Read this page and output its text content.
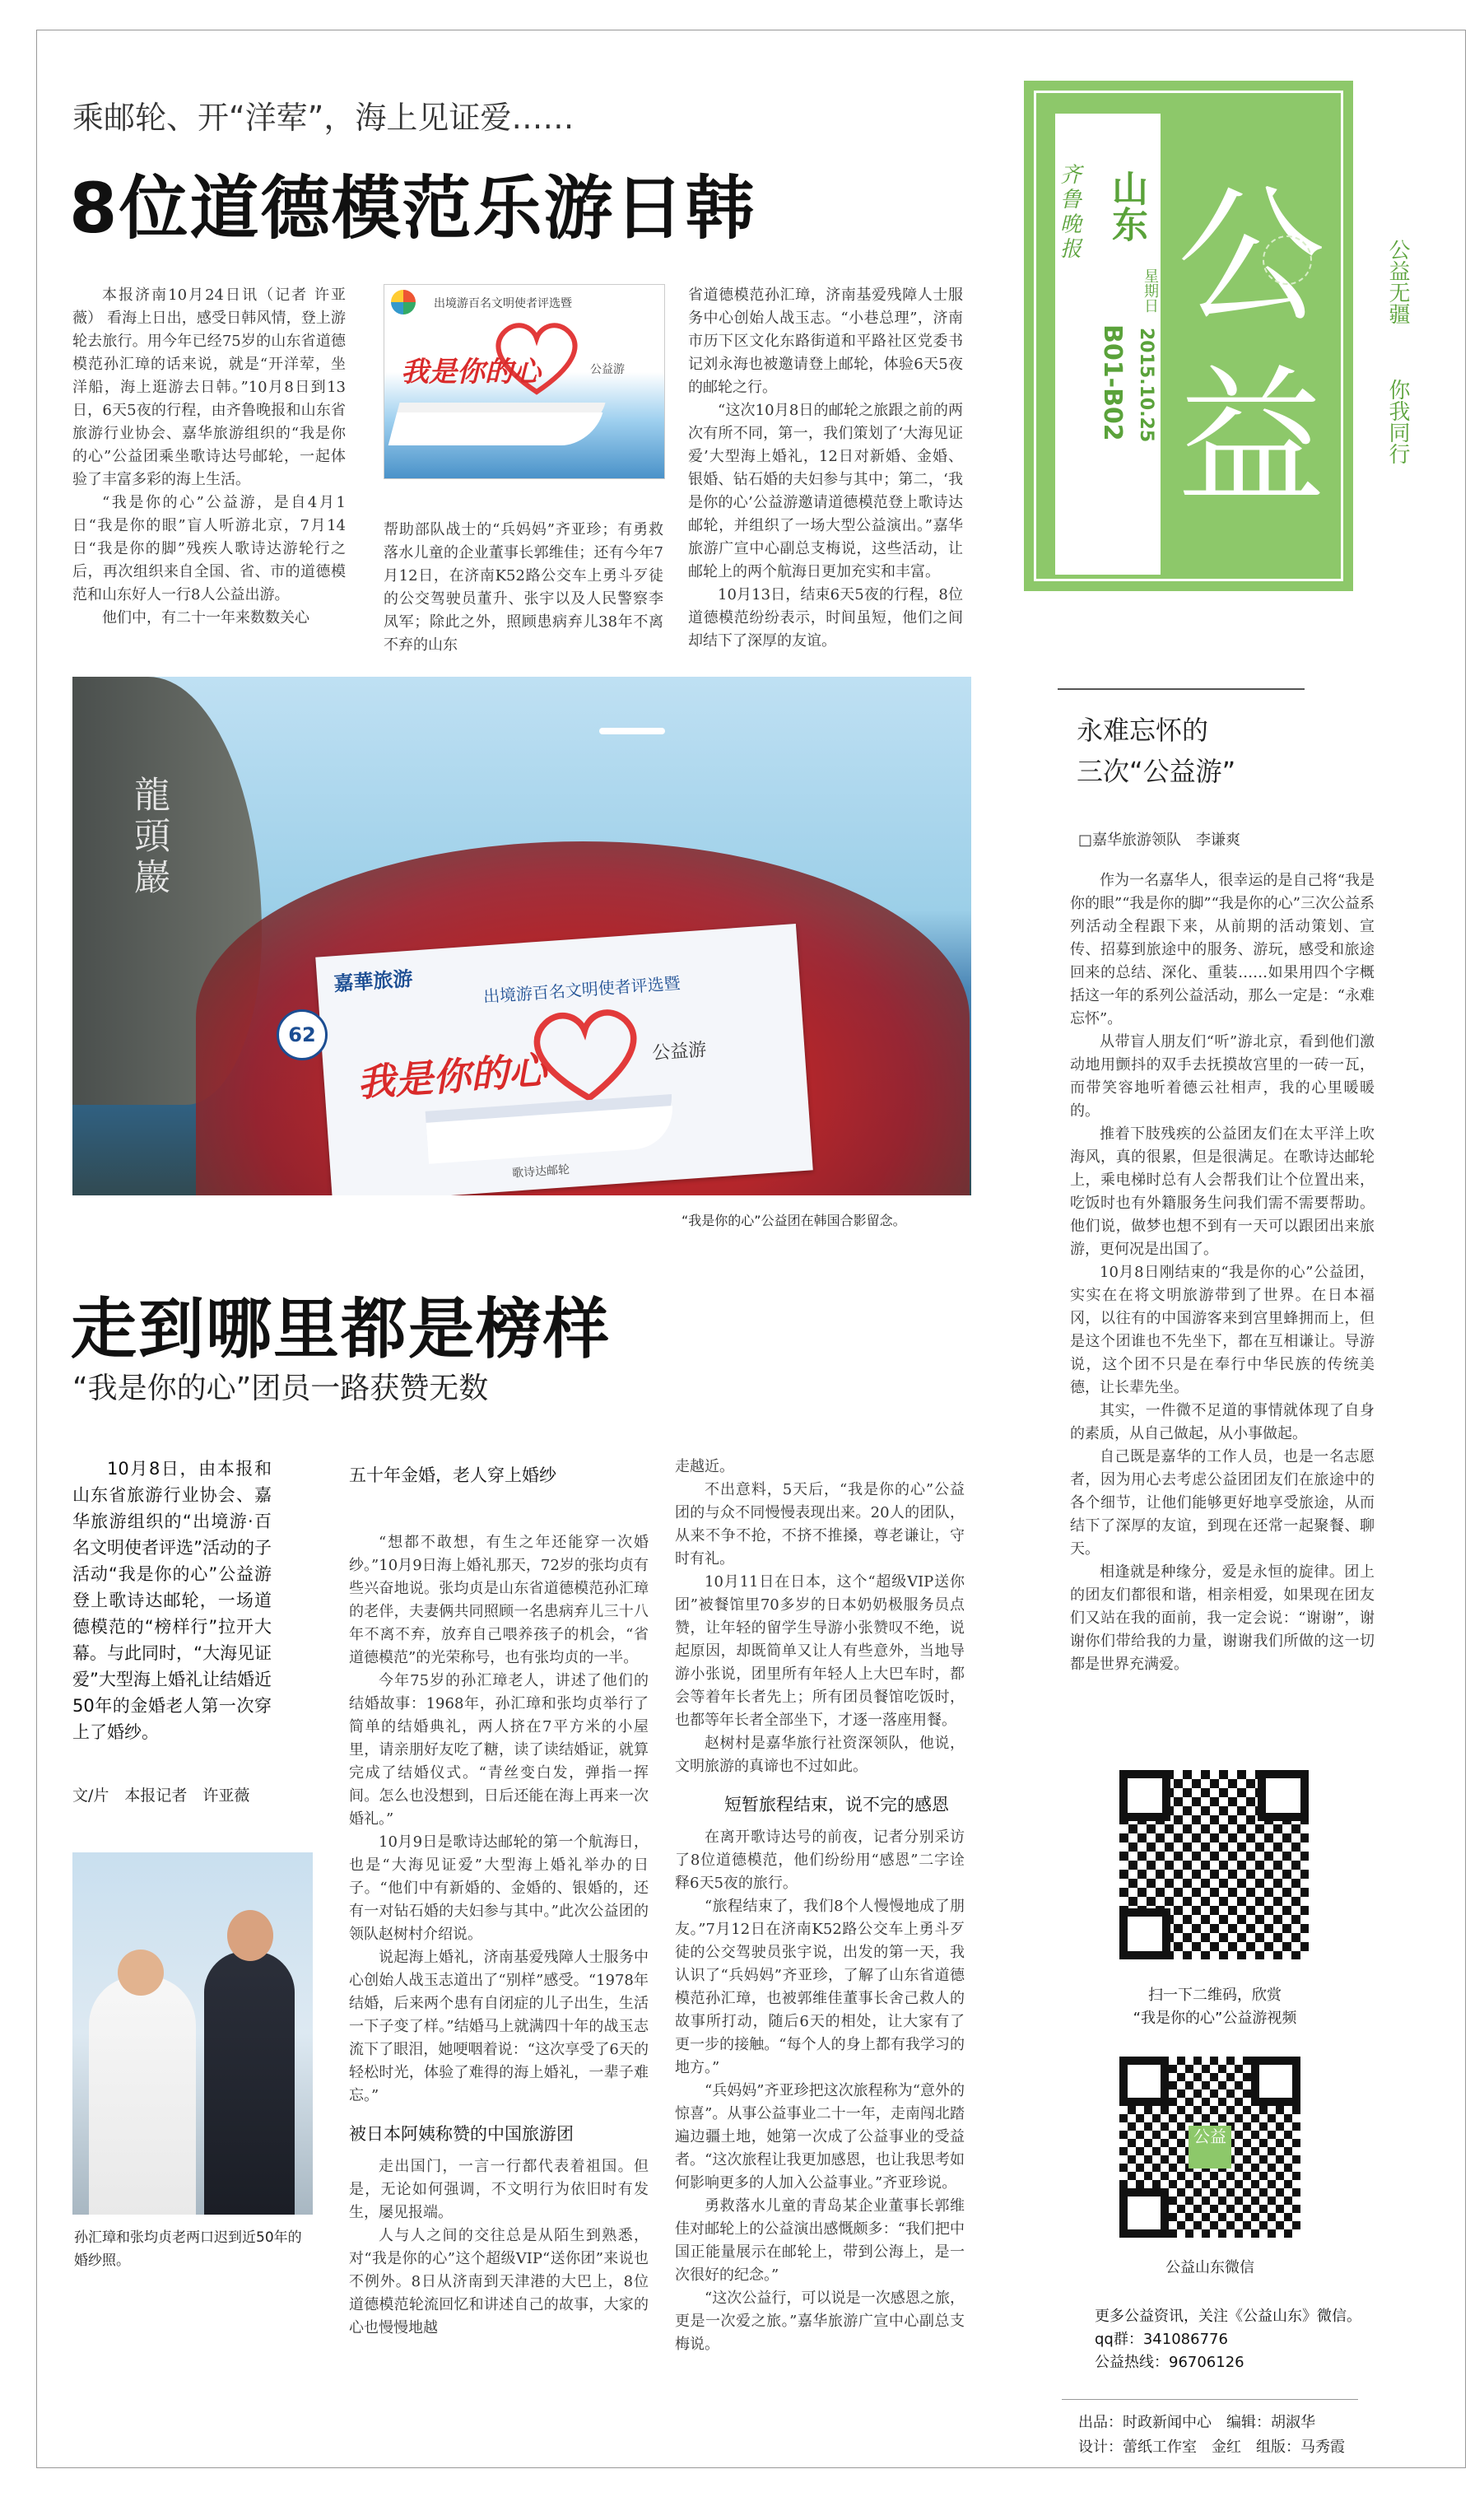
乘邮轮、开“洋荤”，海上见证爱……
8位道德模范乐游日韩

本报济南10月24日讯（记者 许亚薇） 看海上日出，感受日韩风情，登上游轮去旅行。用今年已经75岁的山东省道德模范孙汇璋的话来说，就是“开洋荤，坐洋船，海上逛游去日韩。”10月8日到13日，6天5夜的行程，由齐鲁晚报和山东省旅游行业协会、嘉华旅游组织的“我是你的心”公益团乘坐歌诗达号邮轮，一起体验了丰富多彩的海上生活。

“我是你的心”公益游，是自4月1日“我是你的眼”盲人听游北京，7月14日“我是你的脚”残疾人歌诗达游轮行之后，再次组织来自全国、省、市的道德模范和山东好人一行8人公益出游。

他们中，有二十一年来数数关心

出境游百名文明使者评选暨
我是你的心	公益游

帮助部队战士的“兵妈妈”齐亚珍；有勇救落水儿童的企业董事长郭维佳；还有今年7月12日，在济南K52路公交车上勇斗歹徒的公交驾驶员董升、张宇以及人民警察李凤军；除此之外，照顾患病弃儿38年不离不弃的山东

省道德模范孙汇璋，济南基爱残障人士服务中心创始人战玉志。“小巷总理”，济南市历下区文化东路街道和平路社区党委书记刘永海也被邀请登上邮轮，体验6天5夜的邮轮之行。

“这次10月8日的邮轮之旅跟之前的两次有所不同，第一，我们策划了‘大海见证爱’大型海上婚礼，12日对新婚、金婚、银婚、钻石婚的夫妇参与其中；第二，‘我是你的心’公益游邀请道德模范登上歌诗达邮轮，并组织了一场大型公益演出。”嘉华旅游广宣中心副总支梅说，这些活动，让邮轮上的两个航海日更加充实和丰富。

10月13日，结束6天5夜的行程，8位道德模范纷纷表示，时间虽短，他们之间却结下了深厚的友谊。

齐鲁晚报
山东
星期日
2015.10.25
B01-B02
公
益
公益无疆
你我同行
龍頭巖
嘉華旅游	出境游百名文明使者评选暨
我是你的心	公益游
歌诗达邮轮
62
“我是你的心”公益团在韩国合影留念。
走到哪里都是榜样
“我是你的心”团员一路获赞无数

10月8日，由本报和山东省旅游行业协会、嘉华旅游组织的“出境游·百名文明使者评选”活动的子活动“我是你的心”公益游登上歌诗达邮轮，一场道德模范的“榜样行”拉开大幕。与此同时，“大海见证爱”大型海上婚礼让结婚近50年的金婚老人第一次穿上了婚纱。

文/片　本报记者　许亚薇
孙汇璋和张均贞老两口迟到近50年的婚纱照。
五十年金婚，老人穿上婚纱

“想都不敢想，有生之年还能穿一次婚纱。”10月9日海上婚礼那天，72岁的张均贞有些兴奋地说。张均贞是山东省道德模范孙汇璋的老伴，夫妻俩共同照顾一名患病弃儿三十八年不离不弃，放弃自己喂养孩子的机会，“省道德模范”的光荣称号，也有张均贞的一半。

今年75岁的孙汇璋老人，讲述了他们的结婚故事：1968年，孙汇璋和张均贞举行了简单的结婚典礼，两人挤在7平方米的小屋里，请亲朋好友吃了糖，读了读结婚证，就算完成了结婚仪式。“青丝变白发，弹指一挥间。怎么也没想到，日后还能在海上再来一次婚礼。”

10月9日是歌诗达邮轮的第一个航海日，也是“大海见证爱”大型海上婚礼举办的日子。“他们中有新婚的、金婚的、银婚的，还有一对钻石婚的夫妇参与其中。”此次公益团的领队赵树村介绍说。

说起海上婚礼，济南基爱残障人士服务中心创始人战玉志道出了“别样”感受。“1978年结婚，后来两个患有自闭症的儿子出生，生活一下子变了样。”结婚马上就满四十年的战玉志流下了眼泪，她哽咽着说：“这次享受了6天的轻松时光，体验了难得的海上婚礼，一辈子难忘。”

被日本阿姨称赞的中国旅游团

走出国门，一言一行都代表着祖国。但是，无论如何强调，不文明行为依旧时有发生，屡见报端。

人与人之间的交往总是从陌生到熟悉，对“我是你的心”这个超级VIP“送你团”来说也不例外。8日从济南到天津港的大巴上，8位道德模范轮流回忆和讲述自己的故事，大家的心也慢慢地越

走越近。

不出意料，5天后，“我是你的心”公益团的与众不同慢慢表现出来。20人的团队，从来不争不抢，不挤不推搡，尊老谦让，守时有礼。

10月11日在日本，这个“超级VIP送你团”被餐馆里70多岁的日本奶奶极服务员点赞，让年轻的留学生导游小张赞叹不绝，说起原因，却既简单又让人有些意外，当地导游小张说，团里所有年轻人上大巴车时，都会等着年长者先上；所有团员餐馆吃饭时，也都等年长者全部坐下，才逐一落座用餐。

赵树村是嘉华旅行社资深领队，他说，文明旅游的真谛也不过如此。

短暂旅程结束，说不完的感恩

在离开歌诗达号的前夜，记者分别采访了8位道德模范，他们纷纷用“感恩”二字诠释6天5夜的旅行。

“旅程结束了，我们8个人慢慢地成了朋友。”7月12日在济南K52路公交车上勇斗歹徒的公交驾驶员张宇说，出发的第一天，我认识了“兵妈妈”齐亚珍，了解了山东省道德模范孙汇璋，也被郭维佳董事长舍己救人的故事所打动，随后6天的相处，让大家有了更一步的接触。“每个人的身上都有我学习的地方。”

“兵妈妈”齐亚珍把这次旅程称为“意外的惊喜”。从事公益事业二十一年，走南闯北踏遍边疆土地，她第一次成了公益事业的受益者。“这次旅程让我更加感恩，也让我思考如何影响更多的人加入公益事业。”齐亚珍说。

勇救落水儿童的青岛某企业董事长郭维佳对邮轮上的公益演出感慨颇多：“我们把中国正能量展示在邮轮上，带到公海上，是一次很好的纪念。”

“这次公益行，可以说是一次感恩之旅，更是一次爱之旅。”嘉华旅游广宣中心副总支梅说。

永难忘怀的
三次“公益游”
□嘉华旅游领队　李谦爽

作为一名嘉华人，很幸运的是自己将“我是你的眼”“我是你的脚”“我是你的心”三次公益系列活动全程跟下来，从前期的活动策划、宣传、招募到旅途中的服务、游玩，感受和旅途回来的总结、深化、重装……如果用四个字概括这一年的系列公益活动，那么一定是：“永难忘怀”。

从带盲人朋友们“听”游北京，看到他们激动地用颤抖的双手去抚摸故宫里的一砖一瓦，而带笑容地听着德云社相声，我的心里暖暖的。

推着下肢残疾的公益团友们在太平洋上吹海风，真的很累，但是很满足。在歌诗达邮轮上，乘电梯时总有人会帮我们让个位置出来，吃饭时也有外籍服务生问我们需不需要帮助。他们说，做梦也想不到有一天可以跟团出来旅游，更何况是出国了。

10月8日刚结束的“我是你的心”公益团，实实在在将文明旅游带到了世界。在日本福冈，以往有的中国游客来到宫里蜂拥而上，但是这个团谁也不先坐下，都在互相谦让。导游说，这个团不只是在奉行中华民族的传统美德，让长辈先坐。

其实，一件微不足道的事情就体现了自身的素质，从自己做起，从小事做起。

自己既是嘉华的工作人员，也是一名志愿者，因为用心去考虑公益团团友们在旅途中的各个细节，让他们能够更好地享受旅途，从而结下了深厚的友谊，到现在还常一起聚餐、聊天。

相逢就是种缘分，爱是永恒的旋律。团上的团友们都很和谐，相亲相爱，如果现在团友们又站在我的面前，我一定会说：“谢谢”，谢谢你们带给我的力量，谢谢我们所做的这一切都是世界充满爱。

扫一下二维码，欣赏
“我是你的心”公益游视频
公益
公益山东微信
更多公益资讯，关注《公益山东》微信。
qq群：341086776
公益热线：96706126
出品：时政新闻中心　编辑：胡淑华
设计：蕾纸工作室　金红　组版：马秀霞
